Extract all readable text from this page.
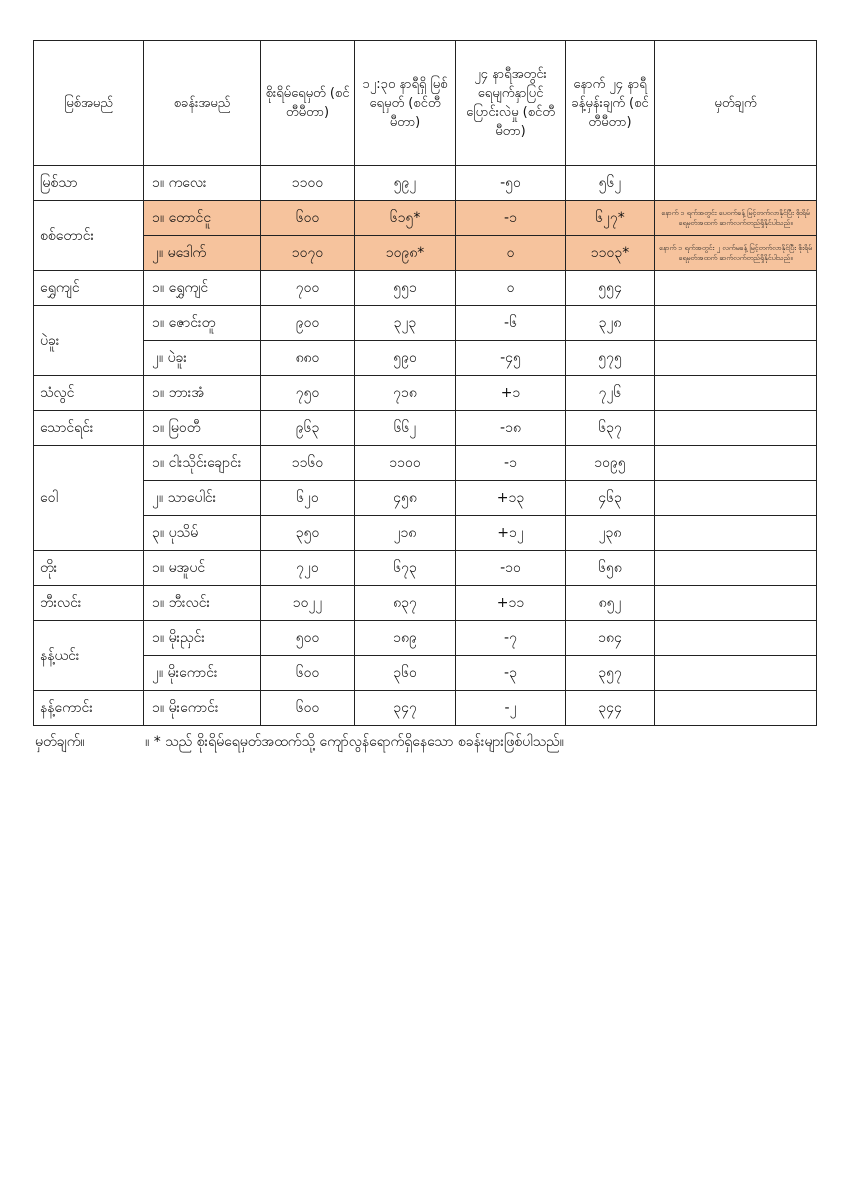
မြစ်အမည်	စခန်းအမည်	စိုးရိမ်ရေမှတ် (စင်တီမီတာ)	၁၂:၃၀ နာရီရှိ မြစ်ရေမှတ် (စင်တီမီတာ)	၂၄ နာရီအတွင်း ရေမျက်နှာပြင် ပြောင်းလဲမှု (စင်တီမီတာ)	နောက် ၂၄ နာရီ ခန့်မှန်းချက် (စင်တီမီတာ)	မှတ်ချက်
မြစ်သာ	၁။ ကလေး	၁၁၀၀	၅၉၂	-၅၀	၅၆၂	
စစ်တောင်း	၁။ တောင်ငူ	၆၀၀	၆၁၅*	-၁	၆၂၇*	နောက် ၁ ရက်အတွင်း ပေ၀က်ခန့် မြင့်တက်လာနိုင်ပြီး စိုးရိမ်ရေမှတ်အထက် ဆက်လက်တည်ရှိနိုင်ပါသည်။
	၂။ မဒေါက်	၁၀၇၀	၁၀၉၈*	၀	၁၁၀၃*	နောက် ၁ ရက်အတွင်း ၂ လက်မခန့် မြင့်တက်လာနိုင်ပြီး စိုးရိမ်ရေမှတ်အထက် ဆက်လက်တည်ရှိနိုင်ပါသည်။
ရွှေကျင်	၁။ ရွှေကျင်	၇၀၀	၅၅၁	၀	၅၅၄	
ပဲခူး	၁။ ဇောင်းတူ	၉၀၀	၃၂၃	-၆	၃၂၈	
	၂။ ပဲခူး	၈၈၀	၅၉၀	-၄၅	၅၇၅	
သံလွင်	၁။ ဘားအံ	၇၅၀	၇၁၈	+၁	၇၂၆	
သောင်ရင်း	၁။ မြဝတီ	၉၆၃	၆၆၂	-၁၈	၆၃၇	
ဝေါ	၁။ ငါးသိုင်းချောင်း	၁၁၆၀	၁၁၀၀	-၁	၁၀၉၅	
	၂။ သာပေါင်း	၆၂၀	၄၅၈	+၁၃	၄၆၃	
	၃။ ပုသိမ်	၃၅၀	၂၁၈	+၁၂	၂၃၈	
တိုး	၁။ မအူပင်	၇၂၀	၆၇၃	-၁၀	၆၅၈	
ဘီးလင်း	၁။ ဘီးလင်း	၁၀၂၂	၈၃၇	+၁၁	၈၅၂	
နန့်ယင်း	၁။ မိုးညှင်း	၅၀၀	၁၈၉	-၇	၁၈၄	
	၂။ မိုးကောင်း	၆၀၀	၃၆၀	-၃	၃၅၇	
နန့်ကောင်း	၁။ မိုးကောင်း	၆၀၀	၃၄၇	-၂	၃၄၄	
မှတ်ချက်။	။ * သည် စိုးရိမ်ရေမှတ်အထက်သို့ ကျော်လွန်ရောက်ရှိနေသော စခန်းများဖြစ်ပါသည်။
